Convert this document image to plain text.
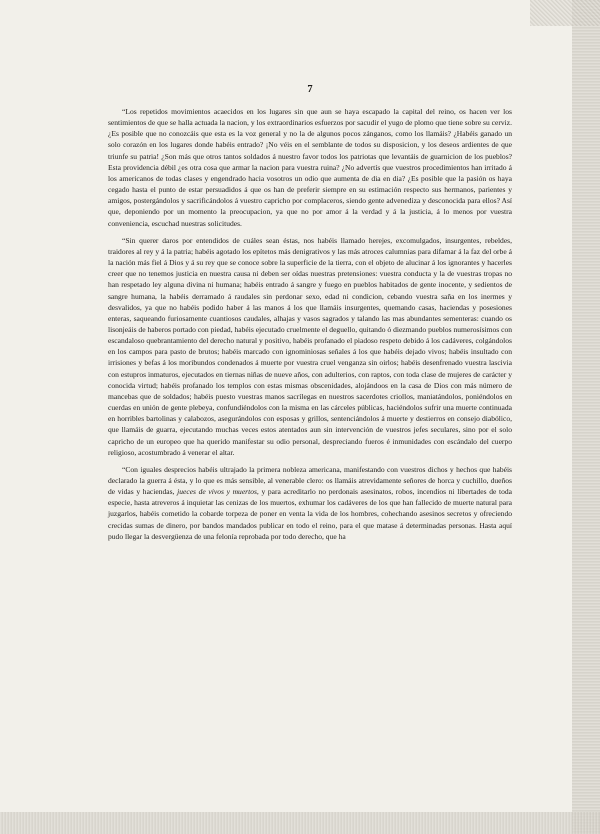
7

“Los repetidos movimientos acaecidos en los lugares sin que aun se haya escapado la capital del reino, os hacen ver los sentimientos de que se halla actuada la nacion, y los extraordinarios esfuerzos por sacudir el yugo de plomo que tiene sobre su cerviz. ¿Es posible que no conozcáis que esta es la voz general y no la de algunos pocos zánganos, como los llamáis? ¿Habéis ganado un solo corazón en los lugares donde habéis entrado? ¡No véis en el semblante de todos su disposicion, y los deseos ardientes de que triunfe su patria! ¿Son más que otros tantos soldados á nuestro favor todos los patriotas que levantáis de guarnicion de los pueblos? Esta providencia débil ¿es otra cosa que armar la nacion para vuestra ruina? ¿No advertís que vuestros procedimientos han irritado á los americanos de todas clases y engendrado hacia vosotros un odio que aumenta de dia en dia? ¿Es posible que la pasión os haya cegado hasta el punto de estar persuadidos á que os han de preferir siempre en su estimación respecto sus hermanos, parientes y amigos, postergándolos y sacrificándolos á vuestro capricho por complaceros, siendo gente advenediza y desconocida para ellos? Así que, deponiendo por un momento la preocupacion, ya que no por amor á la verdad y á la justicia, á lo menos por vuestra conveniencia, escuchad nuestras solicitudes.

“Sin querer daros por entendidos de cuáles sean éstas, nos habéis llamado herejes, excomulgados, insurgentes, rebeldes, traidores al rey y á la patria; habéis agotado los epítetos más denigrativos y las más atroces calumnias para difamar á la faz del orbe á la nación más fiel á Dios y á su rey que se conoce sobre la superficie de la tierra, con el objeto de alucinar á los ignorantes y hacerles creer que no tenemos justicia en nuestra causa ni deben ser oídas nuestras pretensiones: vuestra conducta y la de vuestras tropas no han respetado ley alguna divina ni humana; habéis entrado á sangre y fuego en pueblos habitados de gente inocente, y sedientos de sangre humana, la habéis derramado á raudales sin perdonar sexo, edad ni condicion, cebando vuestra saña en los inermes y desvalidos, ya que no habéis podido haber á las manos á los que llamáis insurgentes, quemando casas, haciendas y posesiones enteras, saqueando furiosamente cuantiosos caudales, alhajas y vasos sagrados y talando las mas abundantes sementeras: cuando os lisonjeáis de haberos portado con piedad, habéis ejecutado cruelmente el deguello, quitando ó diezmando pueblos numerosísimos con escandaloso quebrantamiento del derecho natural y positivo, habéis profanado el piadoso respeto debido á los cadáveres, colgándolos en los campos para pasto de brutos; habéis marcado con ignominiosas señales á los que habéis dejado vivos; habéis insultado con irrisiones y befas á los moribundos condenados á muerte por vuestra cruel venganza sin oirlos; habéis desenfrenado vuestra lascivia con estupros inmaturos, ejecutados en tiernas niñas de nueve años, con adulterios, con raptos, con toda clase de mujeres de carácter y conocida virtud; habéis profanado los templos con estas mismas obscenidades, alojándoos en la casa de Dios con más número de mancebas que de soldados; habéis puesto vuestras manos sacrílegas en nuestros sacerdotes criollos, maniatándolos, poniéndolos en cuerdas en unión de gente plebeya, confundiéndolos con la misma en las cárceles públicas, haciéndolos sufrir una muerte continuada en horribles bartolinas y calabozos, asegurándolos con esposas y grillos, sentenciándolos á muerte y destierros en consejo diabólico, que llamáis de guarra, ejecutando muchas veces estos atentados aun sin intervención de vuestros jefes seculares, sino por el solo capricho de un europeo que ha querido manifestar su odio personal, despreciando fueros é inmunidades con escándalo del cuerpo religioso, acostumbrado á venerar el altar.

“Con iguales desprecios habéis ultrajado la primera nobleza americana, manifestando con vuestros dichos y hechos que habéis declarado la guerra á ésta, y lo que es más sensible, al venerable clero: os llamáis atrevidamente señores de horca y cuchillo, dueños de vidas y haciendas, jueces de vivos y muertos, y para acreditarlo no perdonais asesinatos, robos, incendios ni libertades de toda especie, hasta atreveros á inquietar las cenizas de los muertos, exhumar los cadáveres de los que han fallecido de muerte natural para juzgarlos, habéis cometido la cobarde torpeza de poner en venta la vida de los hombres, cohechando asesinos secretos y ofreciendo crecidas sumas de dinero, por bandos mandados publicar en todo el reino, para el que matase á determinadas personas. Hasta aquí pudo llegar la desvergüenza de una felonía reprobada por todo derecho, que ha
